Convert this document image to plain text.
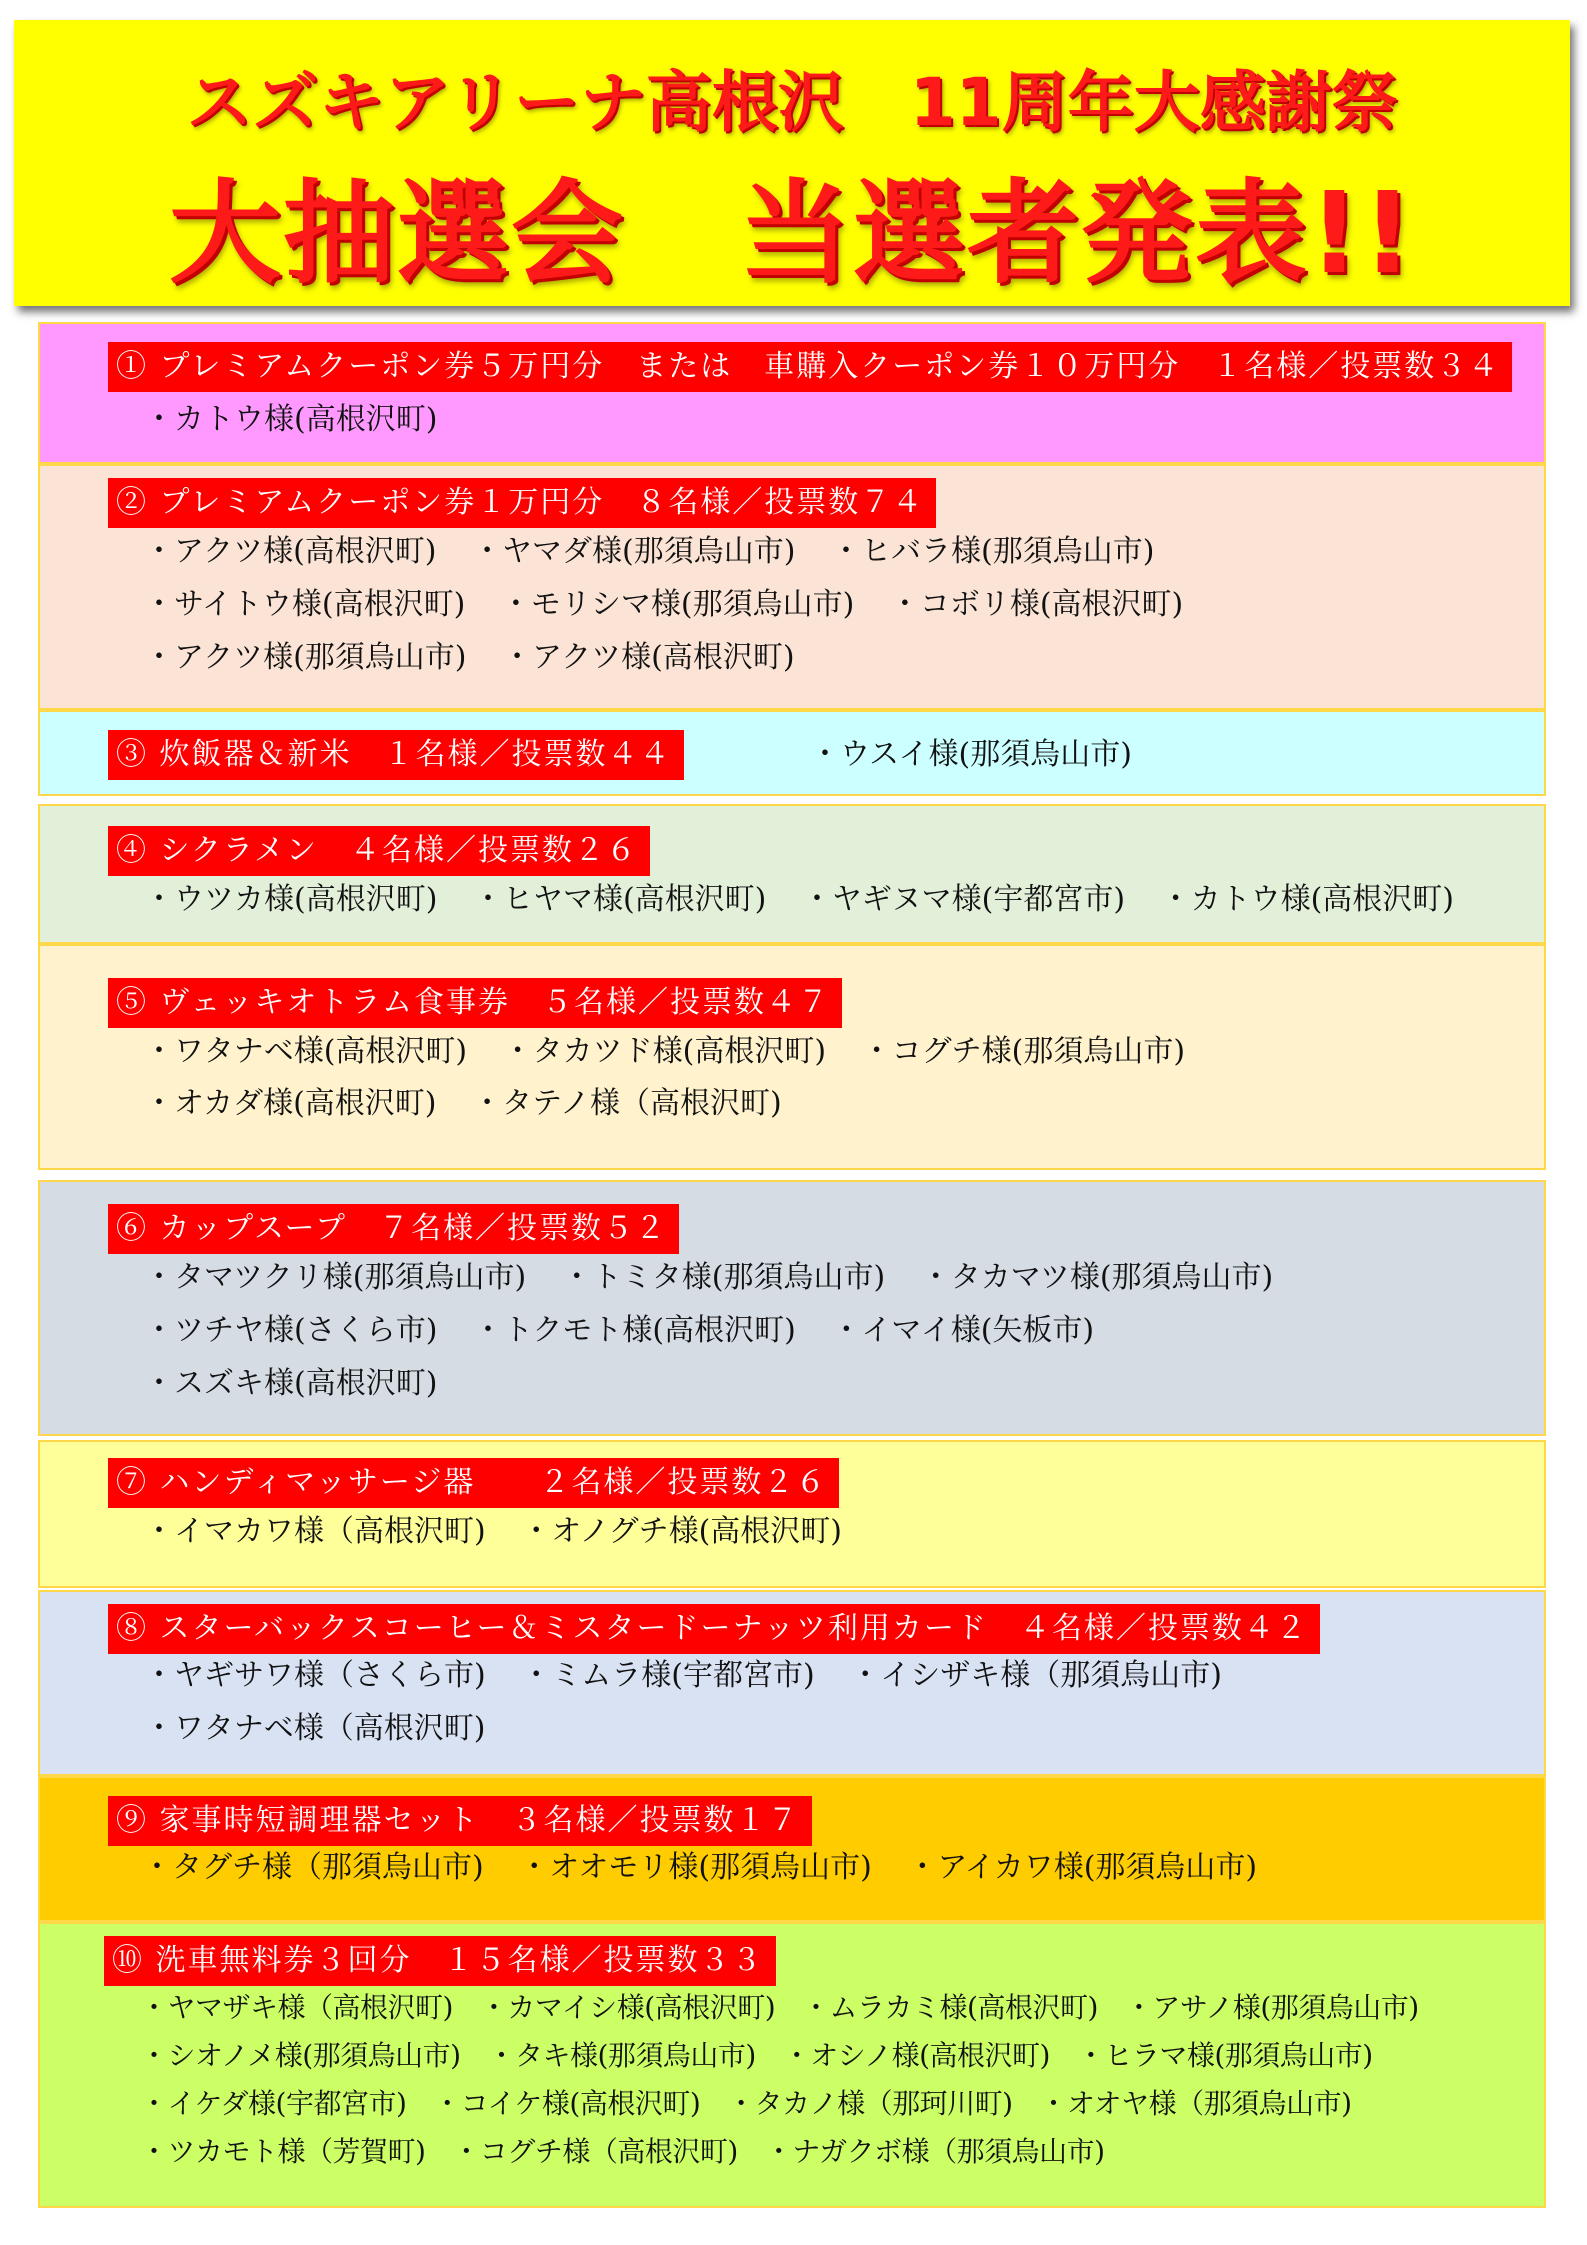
スズキアリーナ高根沢　11周年大感謝祭
大抽選会　当選者発表!!
① プレミアムクーポン券５万円分　または　車購入クーポン券１０万円分　１名様／投票数３４
・カトウ様(高根沢町)
② プレミアムクーポン券１万円分　８名様／投票数７４
・アクツ様(高根沢町) ・ヤマダ様(那須烏山市) ・ヒバラ様(那須烏山市)
・サイトウ様(高根沢町) ・モリシマ様(那須烏山市) ・コボリ様(高根沢町)
・アクツ様(那須烏山市) ・アクツ様(高根沢町)
③ 炊飯器＆新米　１名様／投票数４４	・ウスイ様(那須烏山市)
④ シクラメン　４名様／投票数２６
・ウツカ様(高根沢町) ・ヒヤマ様(高根沢町) ・ヤギヌマ様(宇都宮市) ・カトウ様(高根沢町)
⑤ ヴェッキオトラム食事券　５名様／投票数４７
・ワタナベ様(高根沢町) ・タカツド様(高根沢町) ・コグチ様(那須烏山市)
・オカダ様(高根沢町) ・タテノ様（高根沢町)
⑥ カップスープ　７名様／投票数５２
・タマツクリ様(那須烏山市) ・トミタ様(那須烏山市) ・タカマツ様(那須烏山市)
・ツチヤ様(さくら市) ・トクモト様(高根沢町) ・イマイ様(矢板市)
・スズキ様(高根沢町)
⑦ ハンディマッサージ器　　２名様／投票数２６
・イマカワ様（高根沢町) ・オノグチ様(高根沢町)
⑧ スターバックスコーヒー＆ミスタードーナッツ利用カード　４名様／投票数４２
・ヤギサワ様（さくら市) ・ミムラ様(宇都宮市) ・イシザキ様（那須烏山市)
・ワタナベ様（高根沢町)
⑨ 家事時短調理器セット　３名様／投票数１７
・タグチ様（那須烏山市) ・オオモリ様(那須烏山市) ・アイカワ様(那須烏山市)
⑩ 洗車無料券３回分　１５名様／投票数３３
・ヤマザキ様（高根沢町) ・カマイシ様(高根沢町) ・ムラカミ様(高根沢町) ・アサノ様(那須烏山市)
・シオノメ様(那須烏山市) ・タキ様(那須烏山市) ・オシノ様(高根沢町) ・ヒラマ様(那須烏山市)
・イケダ様(宇都宮市) ・コイケ様(高根沢町) ・タカノ様（那珂川町) ・オオヤ様（那須烏山市)
・ツカモト様（芳賀町) ・コグチ様（高根沢町) ・ナガクボ様（那須烏山市)
